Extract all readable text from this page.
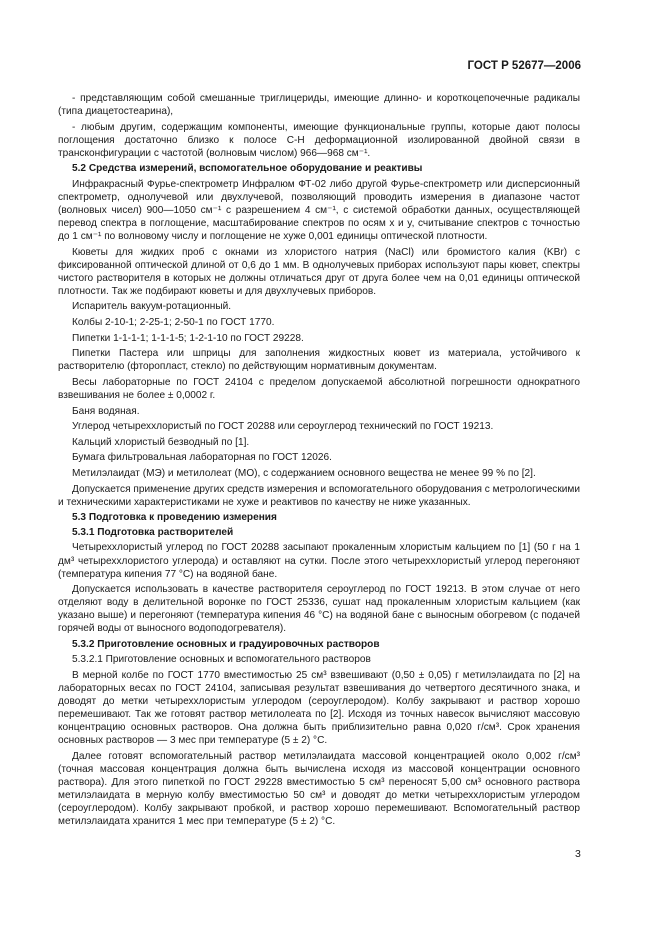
ГОСТ Р 52677—2006
- представляющим собой смешанные триглицериды, имеющие длинно- и короткоцепочечные радикалы (типа диацетостеарина),
- любым другим, содержащим компоненты, имеющие функциональные группы, которые дают полосы поглощения достаточно близко к полосе С-Н деформационной изолированной двойной связи в трансконфигурации с частотой (волновым числом) 966—968 см⁻¹.
5.2 Средства измерений, вспомогательное оборудование и реактивы
Инфракрасный Фурье-спектрометр Инфралюм ФТ-02 либо другой Фурье-спектрометр или дисперсионный спектрометр, однолучевой или двухлучевой, позволяющий проводить измерения в диапазоне частот (волновых чисел) 900—1050 см⁻¹ с разрешением 4 см⁻¹, с системой обработки данных, осуществляющей перевод спектра в поглощение, масштабирование спектров по осям x и y, считывание спектров с точностью до 1 см⁻¹ по волновому числу и поглощение не хуже 0,001 единицы оптической плотности.
Кюветы для жидких проб с окнами из хлористого натрия (NaCl) или бромистого калия (KBr) с фиксированной оптической длиной от 0,6 до 1 мм. В однолучевых приборах используют пары кювет, спектры чистого растворителя в которых не должны отличаться друг от друга более чем на 0,01 единицы оптической плотности. Так же подбирают кюветы и для двухлучевых приборов.
Испаритель вакуум-ротационный.
Колбы 2-10-1; 2-25-1; 2-50-1 по ГОСТ 1770.
Пипетки 1-1-1-1; 1-1-1-5; 1-2-1-10 по ГОСТ 29228.
Пипетки Пастера или шприцы для заполнения жидкостных кювет из материала, устойчивого к растворителю (фторопласт, стекло) по действующим нормативным документам.
Весы лабораторные по ГОСТ 24104 с пределом допускаемой абсолютной погрешности однократного взвешивания не более ± 0,0002 г.
Баня водяная.
Углерод четыреххлористый по ГОСТ 20288 или сероуглерод технический по ГОСТ 19213.
Кальций хлористый безводный по [1].
Бумага фильтровальная лабораторная по ГОСТ 12026.
Метилэлаидат (МЭ) и метилолеат (МО), с содержанием основного вещества не менее 99 % по [2].
Допускается применение других средств измерения и вспомогательного оборудования с метрологическими и техническими характеристиками не хуже и реактивов по качеству не ниже указанных.
5.3 Подготовка к проведению измерения
5.3.1 Подготовка растворителей
Четыреххлористый углерод по ГОСТ 20288 засыпают прокаленным хлористым кальцием по [1] (50 г на 1 дм³ четыреххлористого углерода) и оставляют на сутки. После этого четыреххлористый углерод перегоняют (температура кипения 77 °С) на водяной бане.
Допускается использовать в качестве растворителя сероуглерод по ГОСТ 19213. В этом случае от него отделяют воду в делительной воронке по ГОСТ 25336, сушат над прокаленным хлористым кальцием (как указано выше) и перегоняют (температура кипения 46 °С) на водяной бане с выносным обогревом (с подачей горячей воды от выносного водоподогревателя).
5.3.2 Приготовление основных и градуировочных растворов
5.3.2.1 Приготовление основных и вспомогательного растворов
В мерной колбе по ГОСТ 1770 вместимостью 25 см³ взвешивают (0,50 ± 0,05) г метилэлаидата по [2] на лабораторных весах по ГОСТ 24104, записывая результат взвешивания до четвертого десятичного знака, и доводят до метки четыреххлористым углеродом (сероуглеродом). Колбу закрывают и раствор хорошо перемешивают. Так же готовят раствор метилолеата по [2]. Исходя из точных навесок вычисляют массовую концентрацию основных растворов. Она должна быть приблизительно равна 0,020 г/см³. Срок хранения основных растворов — 3 мес при температуре (5 ± 2) °С.
Далее готовят вспомогательный раствор метилэлаидата массовой концентрацией около 0,002 г/см³ (точная массовая концентрация должна быть вычислена исходя из массовой концентрации основного раствора). Для этого пипеткой по ГОСТ 29228 вместимостью 5 см³ переносят 5,00 см³ основного раствора метилэлаидата в мерную колбу вместимостью 50 см³ и доводят до метки четыреххлористым углеродом (сероуглеродом). Колбу закрывают пробкой, и раствор хорошо перемешивают. Вспомогательный раствор метилэлаидата хранится 1 мес при температуре (5 ± 2) °С.
3
